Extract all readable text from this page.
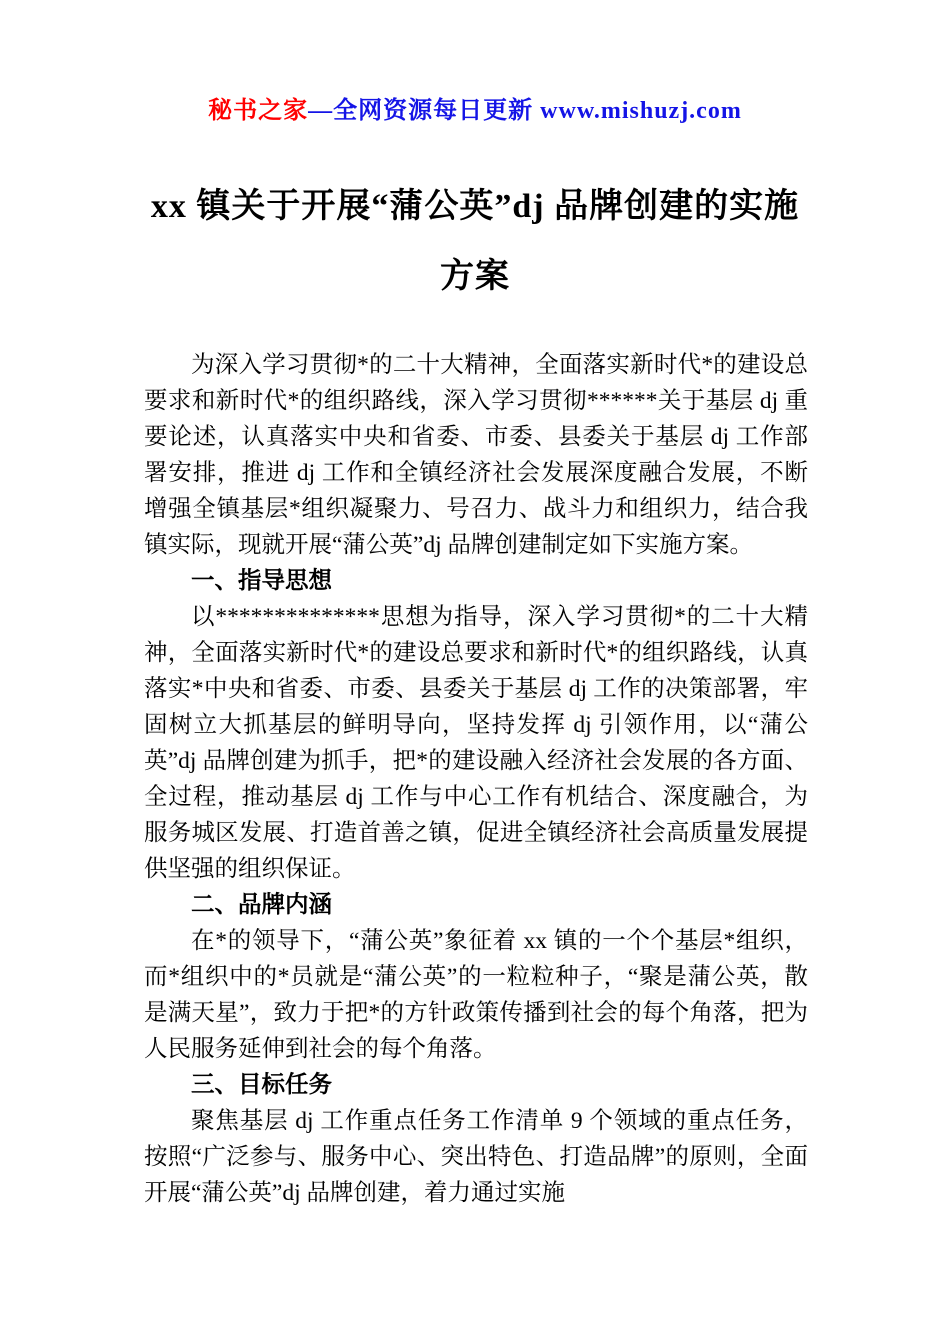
秘书之家—全网资源每日更新 www.mishuzj.com
xx 镇关于开展“蒲公英”dj 品牌创建的实施方案

为深入学习贯彻*的二十大精神，全面落实新时代*的建设总要求和新时代*的组织路线，深入学习贯彻******关于基层 dj 重要论述，认真落实中央和省委、市委、县委关于基层 dj 工作部署安排，推进 dj 工作和全镇经济社会发展深度融合发展，不断增强全镇基层*组织凝聚力、号召力、战斗力和组织力，结合我镇实际，现就开展“蒲公英”dj 品牌创建制定如下实施方案。

一、指导思想

以**************思想为指导，深入学习贯彻*的二十大精神，全面落实新时代*的建设总要求和新时代*的组织路线，认真落实*中央和省委、市委、县委关于基层 dj 工作的决策部署，牢固树立大抓基层的鲜明导向，坚持发挥 dj 引领作用，以“蒲公英”dj 品牌创建为抓手，把*的建设融入经济社会发展的各方面、全过程，推动基层 dj 工作与中心工作有机结合、深度融合，为服务城区发展、打造首善之镇，促进全镇经济社会高质量发展提供坚强的组织保证。

二、品牌内涵

在*的领导下，“蒲公英”象征着 xx 镇的一个个基层*组织，而*组织中的*员就是“蒲公英”的一粒粒种子，“聚是蒲公英，散是满天星”，致力于把*的方针政策传播到社会的每个角落，把为人民服务延伸到社会的每个角落。

三、目标任务

聚焦基层 dj 工作重点任务工作清单 9 个领域的重点任务，按照“广泛参与、服务中心、突出特色、打造品牌”的原则，全面开展“蒲公英”dj 品牌创建，着力通过实施
